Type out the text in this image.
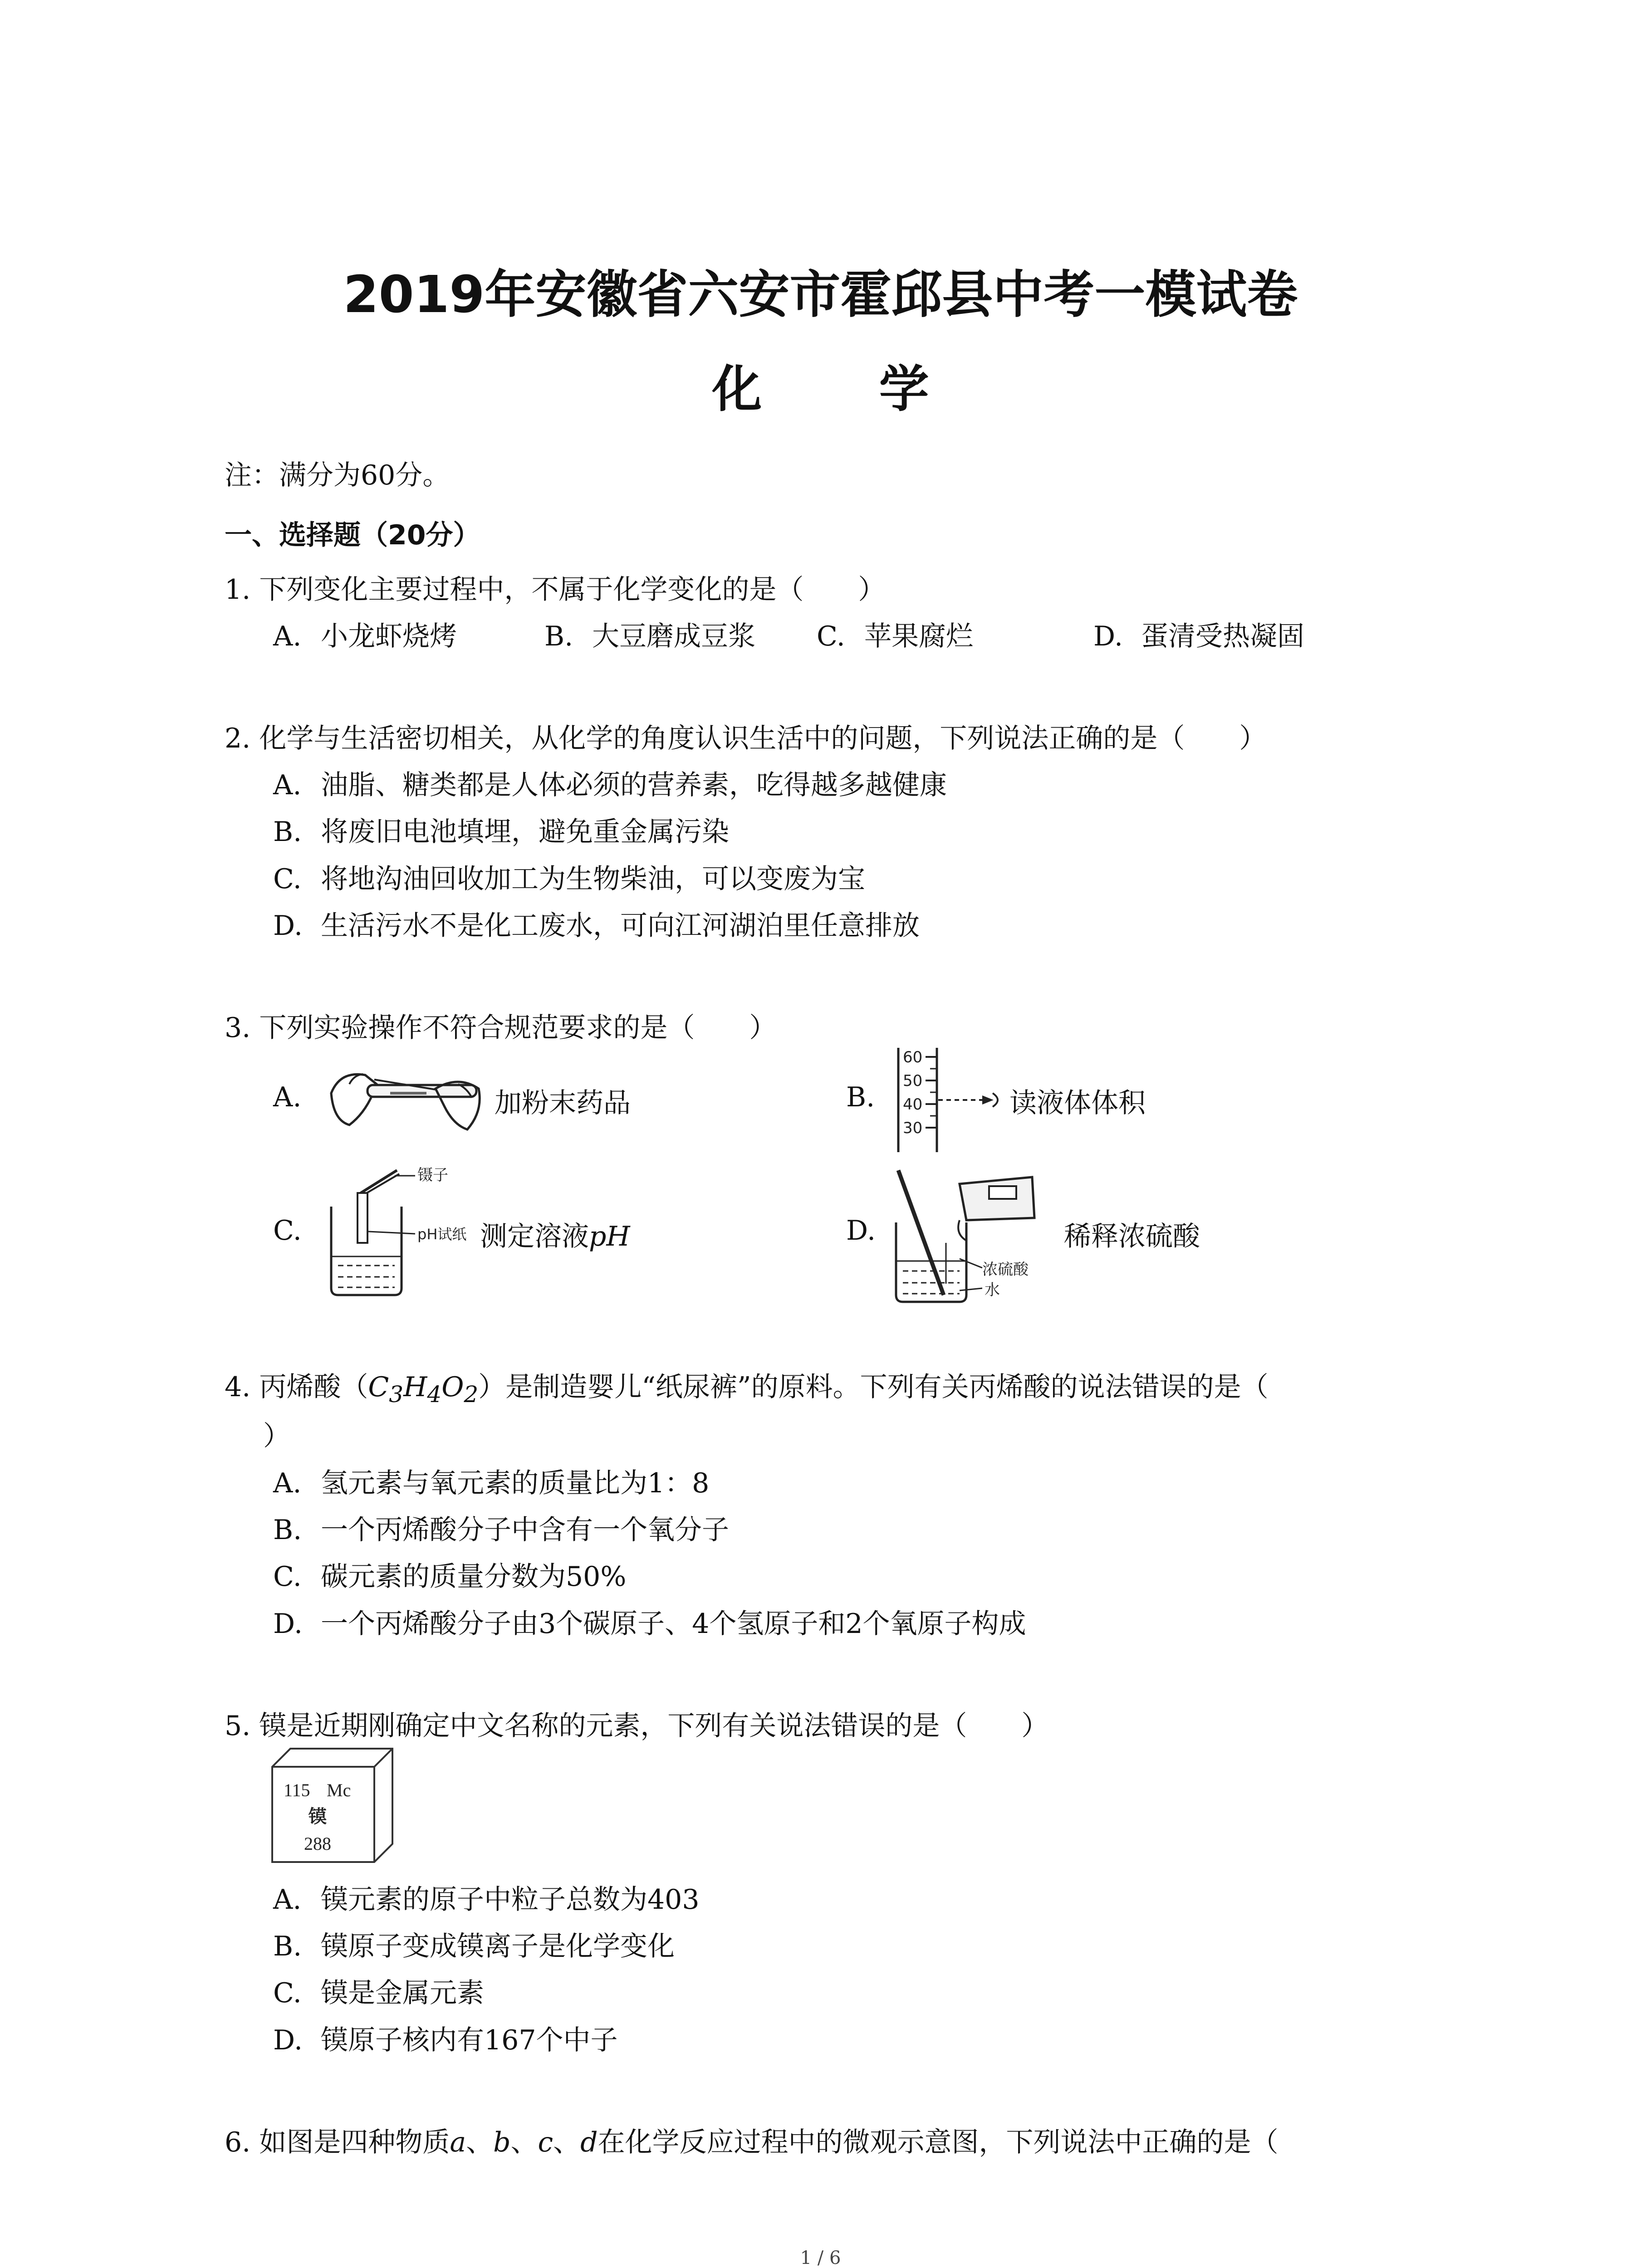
2019年安徽省六安市霍邱县中考一模试卷
化 学
注：满分为60分。
一、选择题（20分）
1. 下列变化主要过程中，不属于化学变化的是（　　）
A. 小龙虾烧烤	B. 大豆磨成豆浆 C. 苹果腐烂	D. 蛋清受热凝固
2. 化学与生活密切相关，从化学的角度认识生活中的问题，下列说法正确的是（　　）
A. 油脂、糖类都是人体必须的营养素，吃得越多越健康
B. 将废旧电池填埋，避免重金属污染
C. 将地沟油回收加工为生物柴油，可以变废为宝
D. 生活污水不是化工废水，可向江河湖泊里任意排放
3. 下列实验操作不符合规范要求的是（　　）
A.	加粉末药品	B.
60
50
40
30
读液体体积
C.
镊子
pH试纸 测定溶液pH	D.
浓硫酸
水
稀释浓硫酸
4. 丙烯酸$(C_3H_4O_2)$是制造婴儿“纸尿裤”的原料。下列有关丙烯酸的说法错误的是（
）
A. 氢元素与氧元素的质量比为1：8
B. 一个丙烯酸分子中含有一个氧分子
C. 碳元素的质量分数为50%
D. 一个丙烯酸分子由3个碳原子、4个氢原子和2个氧原子构成
5. 镆是近期刚确定中文名称的元素，下列有关说法错误的是（　　）
115 Mc
镆
288
A. 镆元素的原子中粒子总数为403
B. 镆原子变成镆离子是化学变化
C. 镆是金属元素
D. 镆原子核内有167个中子
6. 如图是四种物质a、b、c、d在化学反应过程中的微观示意图，下列说法中正确的是（
1 / 6
